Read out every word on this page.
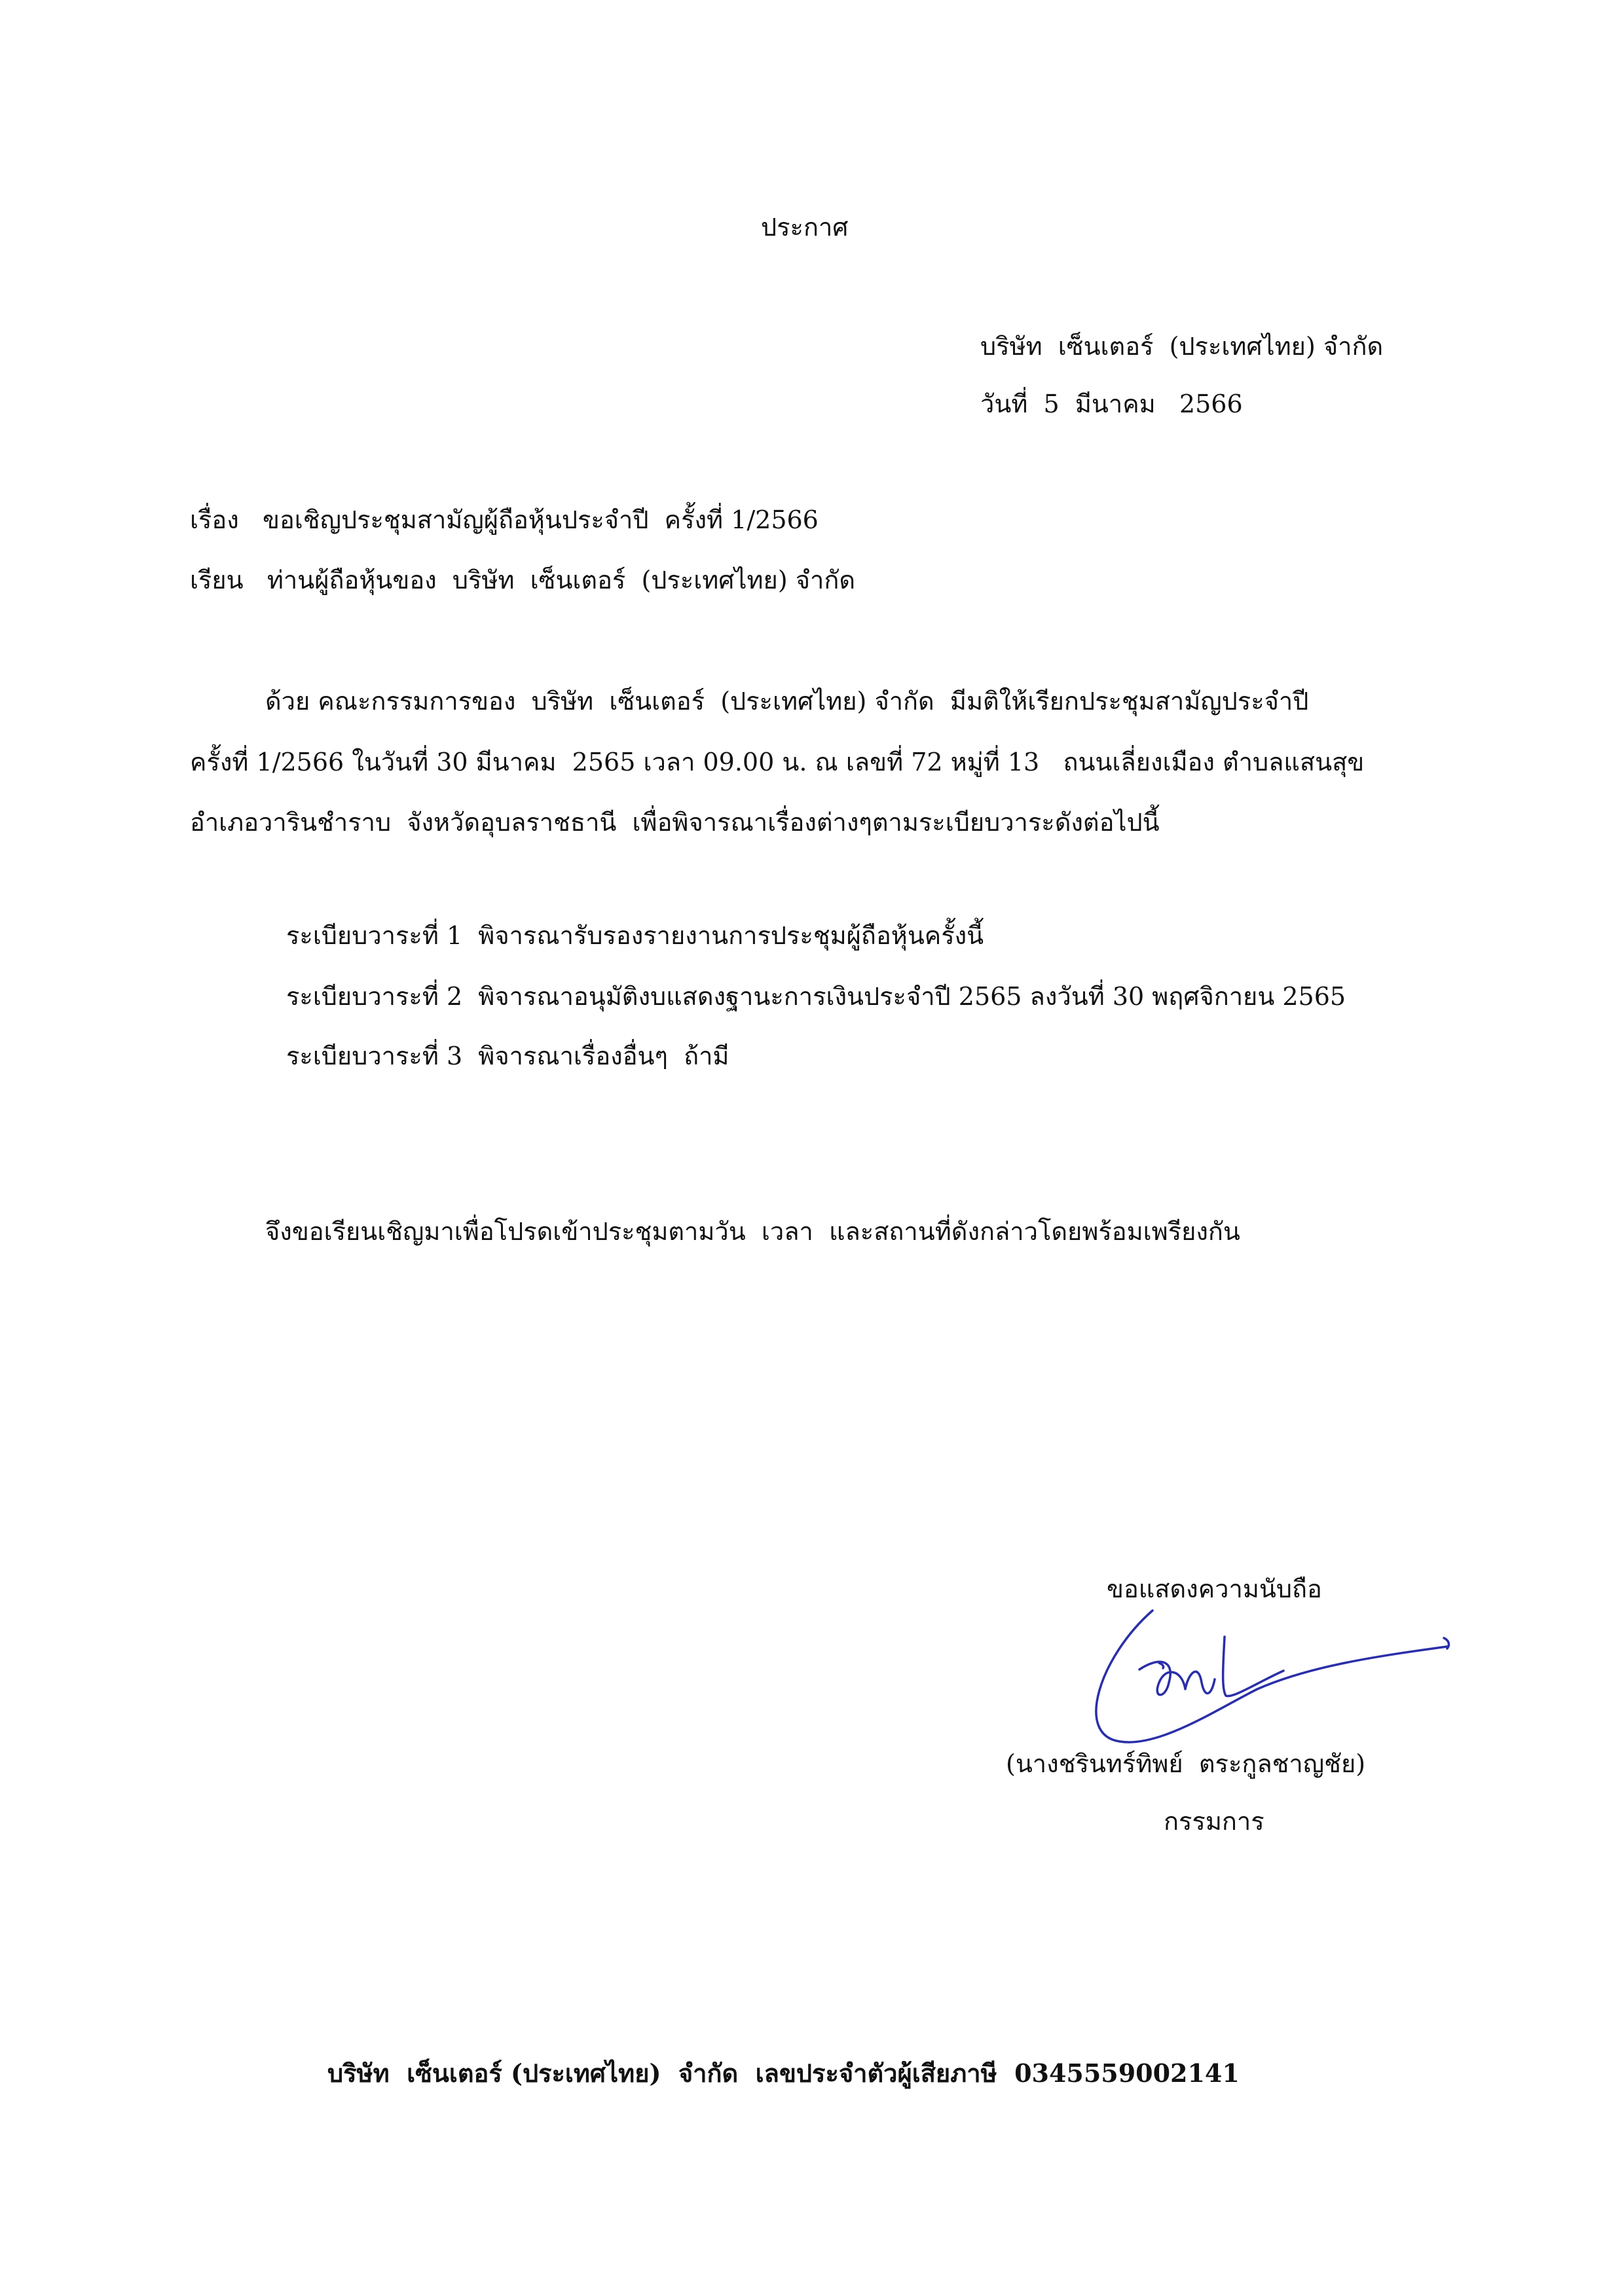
ประกาศ
บริษัท  เซ็นเตอร์  (ประเทศไทย) จำกัด
วันที่  5  มีนาคม   2566
เรื่อง   ขอเชิญประชุมสามัญผู้ถือหุ้นประจำปี  ครั้งที่ 1/2566
เรียน   ท่านผู้ถือหุ้นของ  บริษัท  เซ็นเตอร์  (ประเทศไทย) จำกัด
ด้วย คณะกรรมการของ  บริษัท  เซ็นเตอร์  (ประเทศไทย) จำกัด  มีมติให้เรียกประชุมสามัญประจำปี
ครั้งที่ 1/2566 ในวันที่ 30 มีนาคม  2565 เวลา 09.00 น. ณ เลขที่ 72 หมู่ที่ 13   ถนนเลี่ยงเมือง ตำบลแสนสุข
อำเภอวารินชำราบ  จังหวัดอุบลราชธานี  เพื่อพิจารณาเรื่องต่างๆตามระเบียบวาระดังต่อไปนี้
ระเบียบวาระที่ 1  พิจารณารับรองรายงานการประชุมผู้ถือหุ้นครั้งนี้
ระเบียบวาระที่ 2  พิจารณาอนุมัติงบแสดงฐานะการเงินประจำปี 2565 ลงวันที่ 30 พฤศจิกายน 2565
ระเบียบวาระที่ 3  พิจารณาเรื่องอื่นๆ  ถ้ามี
จึงขอเรียนเชิญมาเพื่อโปรดเข้าประชุมตามวัน  เวลา  และสถานที่ดังกล่าวโดยพร้อมเพรียงกัน
ขอแสดงความนับถือ
(นางชรินทร์ทิพย์  ตระกูลชาญชัย)
กรรมการ
บริษัท  เซ็นเตอร์ (ประเทศไทย)  จำกัด  เลขประจำตัวผู้เสียภาษี  0345559002141
